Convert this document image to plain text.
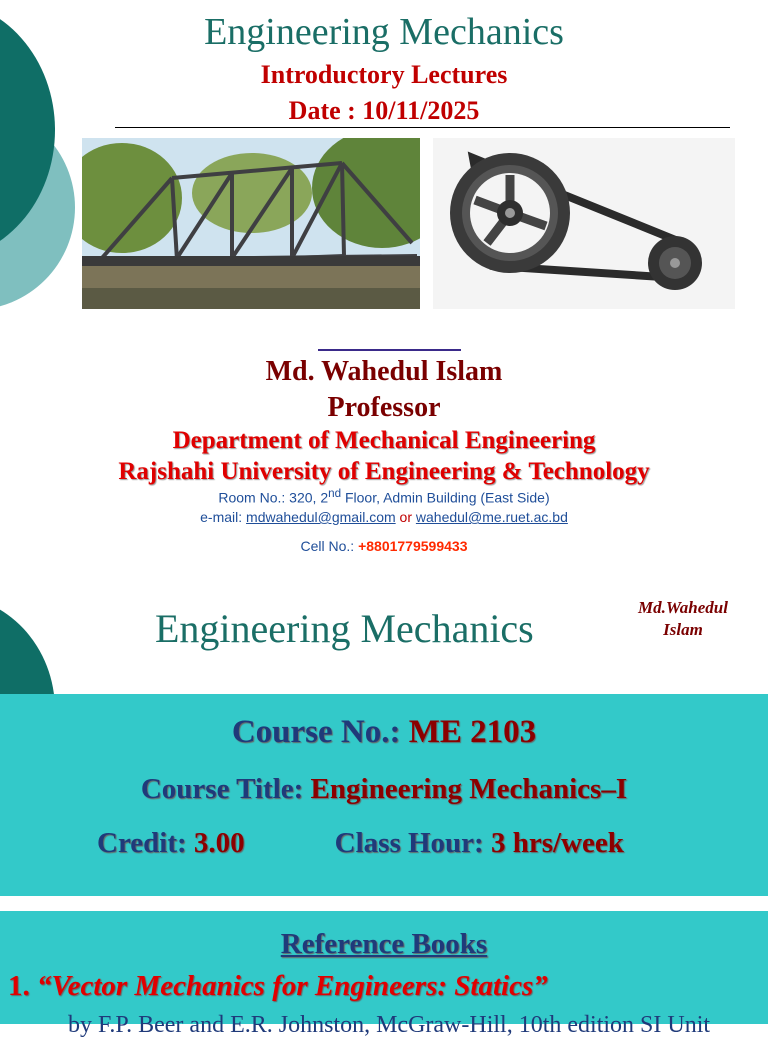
Engineering Mechanics
Introductory Lectures
Date : 10/11/2025
Md. Wahedul Islam
Professor
Department of Mechanical Engineering
Rajshahi University of Engineering & Technology
Room No.: 320, 2nd Floor, Admin Building (East Side)
e-mail: mdwahedul@gmail.com or wahedul@me.ruet.ac.bd
Cell No.: +8801779599433
Engineering Mechanics	Md.Wahedul
Islam
Course No.: ME 2103
Course Title: Engineering Mechanics–I
Credit: 3.00	Class Hour: 3 hrs/week
Reference Books
1. “Vector Mechanics for Engineers: Statics”
by F.P. Beer and E.R. Johnston, McGraw-Hill, 10th edition SI Unit
